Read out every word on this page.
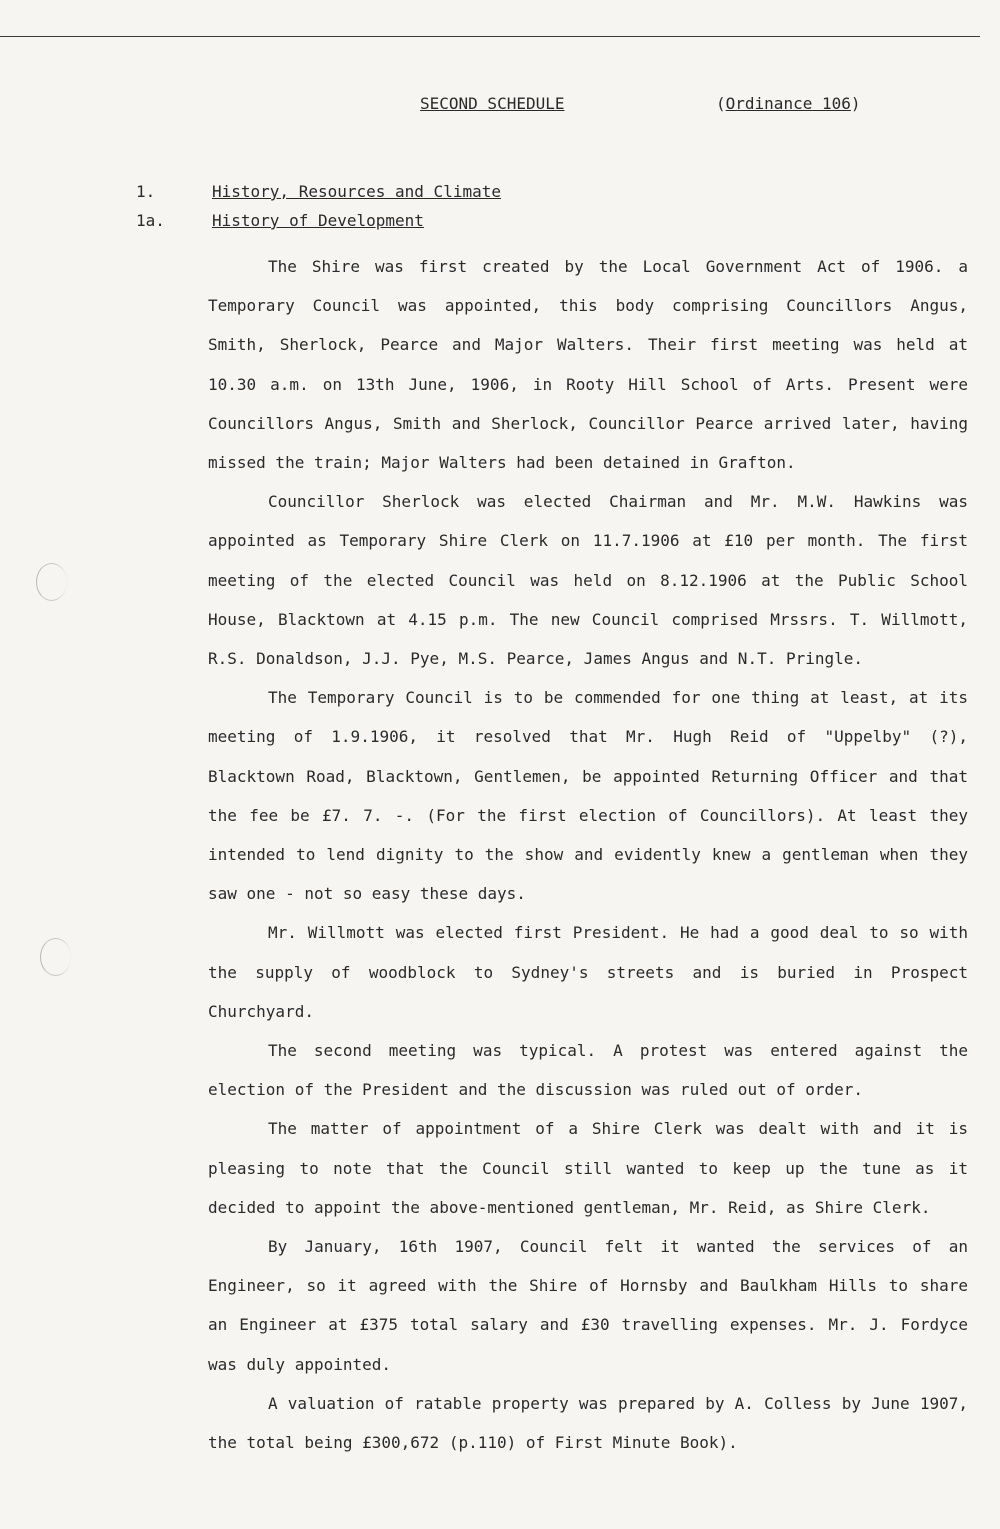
SECOND SCHEDULE	(Ordinance 106)
1.	History, Resources and Climate
1a.	History of Development

The Shire was first created by the Local Government Act of 1906. a Temporary Council was appointed, this body comprising Councillors Angus, Smith, Sherlock, Pearce and Major Walters. Their first meeting was held at 10.30 a.m. on 13th June, 1906, in Rooty Hill School of Arts. Present were Councillors Angus, Smith and Sherlock, Councillor Pearce arrived later, having missed the train; Major Walters had been detained in Grafton.

Councillor Sherlock was elected Chairman and Mr. M.W. Hawkins was appointed as Temporary Shire Clerk on 11.7.1906 at £10 per month. The first meeting of the elected Council was held on 8.12.1906 at the Public School House, Blacktown at 4.15 p.m. The new Council comprised Mrssrs. T. Willmott, R.S. Donaldson, J.J. Pye, M.S. Pearce, James Angus and N.T. Pringle.

The Temporary Council is to be commended for one thing at least, at its meeting of 1.9.1906, it resolved that Mr. Hugh Reid of "Uppelby" (?), Blacktown Road, Blacktown, Gentlemen, be appointed Returning Officer and that the fee be £7. 7. -. (For the first election of Councillors). At least they intended to lend dignity to the show and evidently knew a gentleman when they saw one - not so easy these days.

Mr. Willmott was elected first President. He had a good deal to so with the supply of woodblock to Sydney's streets and is buried in Prospect Churchyard.

The second meeting was typical. A protest was entered against the election of the President and the discussion was ruled out of order.

The matter of appointment of a Shire Clerk was dealt with and it is pleasing to note that the Council still wanted to keep up the tune as it decided to appoint the above-mentioned gentleman, Mr. Reid, as Shire Clerk.

By January, 16th 1907, Council felt it wanted the services of an Engineer, so it agreed with the Shire of Hornsby and Baulkham Hills to share an Engineer at £375 total salary and £30 travelling expenses. Mr. J. Fordyce was duly appointed.

A valuation of ratable property was prepared by A. Colless by June 1907, the total being £300,672 (p.110) of First Minute Book).
